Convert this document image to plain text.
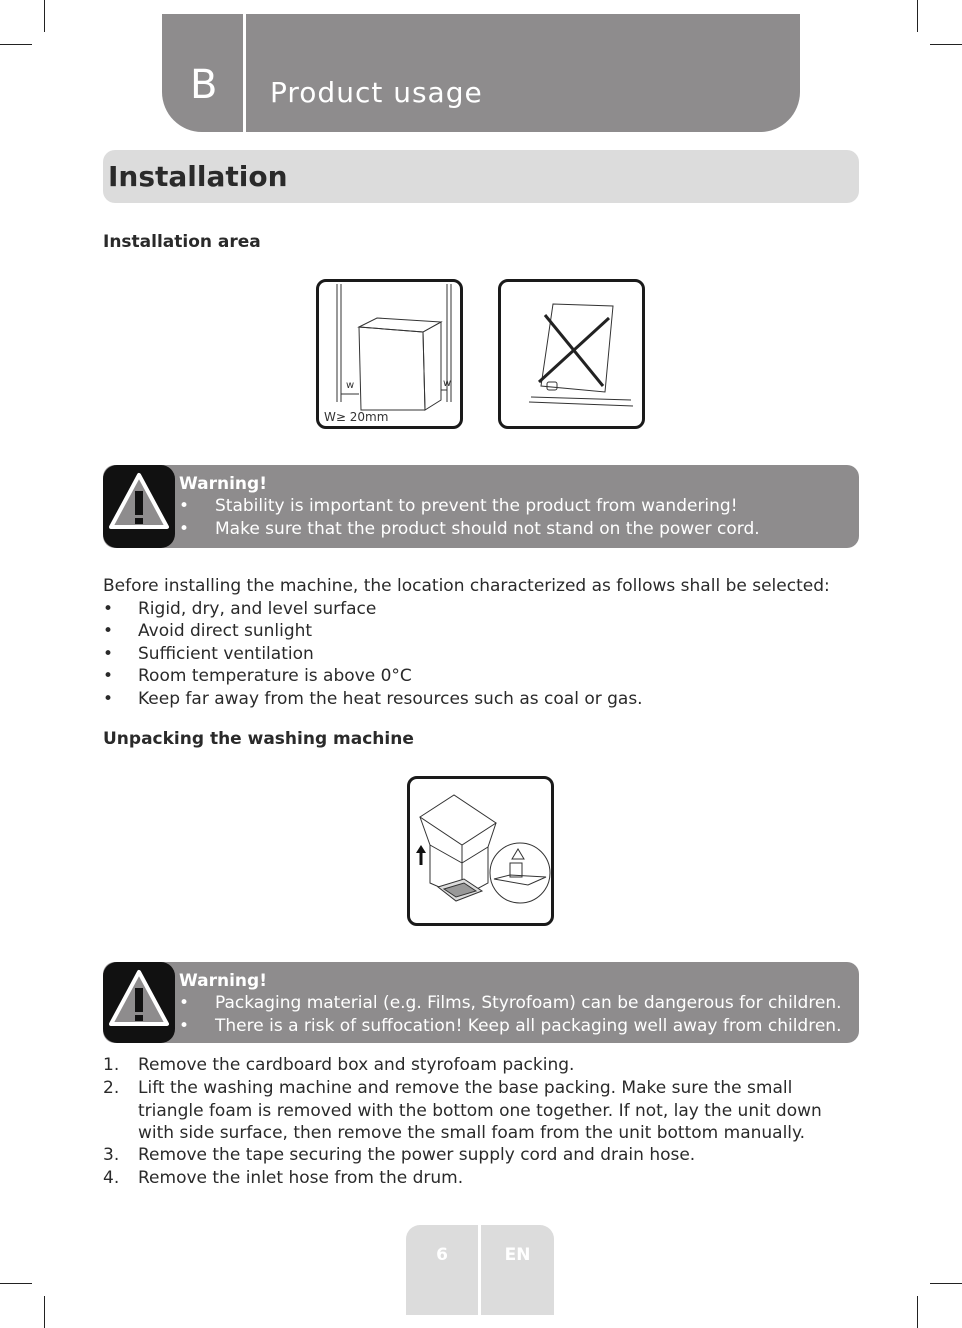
B Product usage
Installation
Installation area
w	w
W≥ 20mm
Warning!
• Stability is important to prevent the product from wandering!
• Make sure that the product should not stand on the power cord.
Before installing the machine, the location characterized as follows shall be selected:
• Rigid, dry, and level surface
• Avoid direct sunlight
• Sufficient ventilation
• Room temperature is above 0°C
• Keep far away from the heat resources such as coal or gas.
Unpacking the washing machine
Warning!
• Packaging material (e.g. Films, Styrofoam) can be dangerous for children.
• There is a risk of suffocation! Keep all packaging well away from children.
1. Remove the cardboard box and styrofoam packing.
2. Lift the washing machine and remove the base packing. Make sure the small triangle foam is removed with the bottom one together. If not, lay the unit down with side surface, then remove the small foam from the unit bottom manually.
3. Remove the tape securing the power supply cord and drain hose.
4. Remove the inlet hose from the drum.
6	EN
